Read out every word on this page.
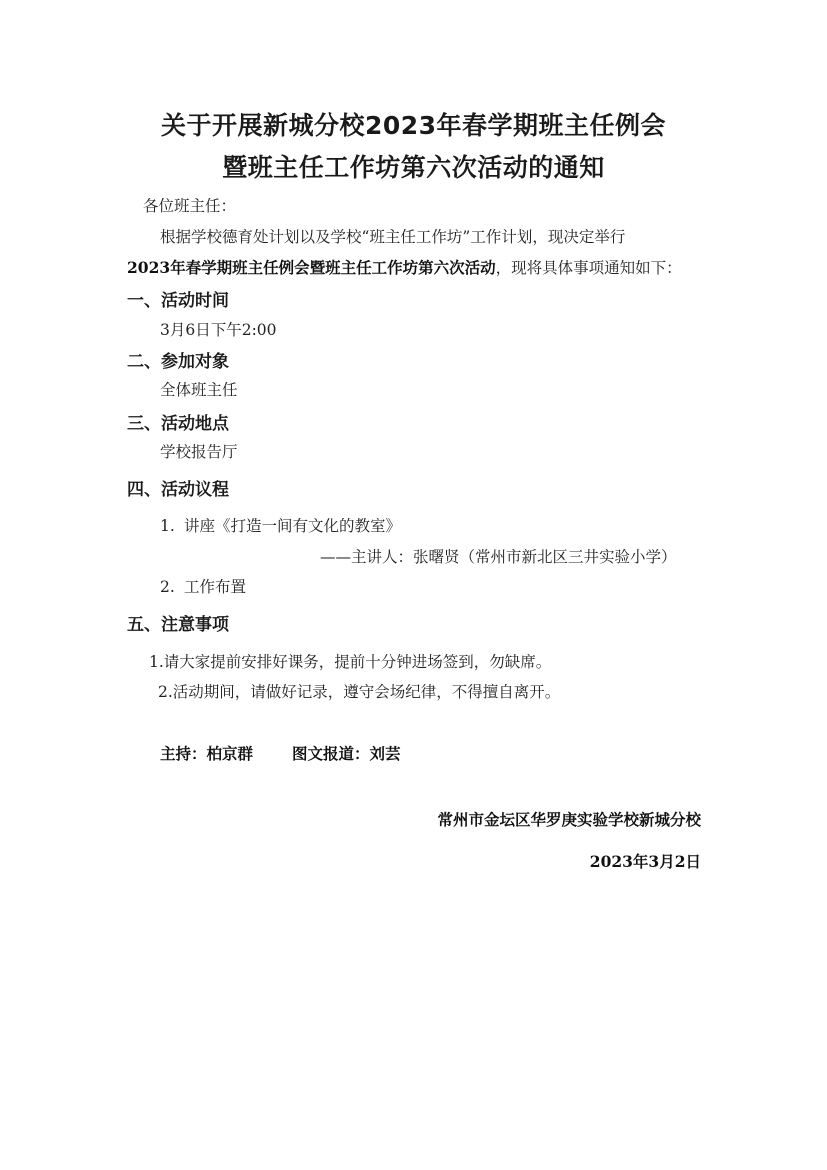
关于开展新城分校2023年春学期班主任例会
暨班主任工作坊第六次活动的通知
各位班主任：
根据学校德育处计划以及学校“班主任工作坊”工作计划，现决定举行
2023年春学期班主任例会暨班主任工作坊第六次活动，现将具体事项通知如下：
一、活动时间
3月6日下午2:00
二、参加对象
全体班主任
三、活动地点
学校报告厅
四、活动议程
1. 讲座《打造一间有文化的教室》
——主讲人：张曙贤（常州市新北区三井实验小学）
2. 工作布置
五、注意事项
1.请大家提前安排好课务，提前十分钟进场签到，勿缺席。
2.活动期间，请做好记录，遵守会场纪律，不得擅自离开。
主持：柏京群	图文报道：刘芸
常州市金坛区华罗庚实验学校新城分校
2023年3月2日
